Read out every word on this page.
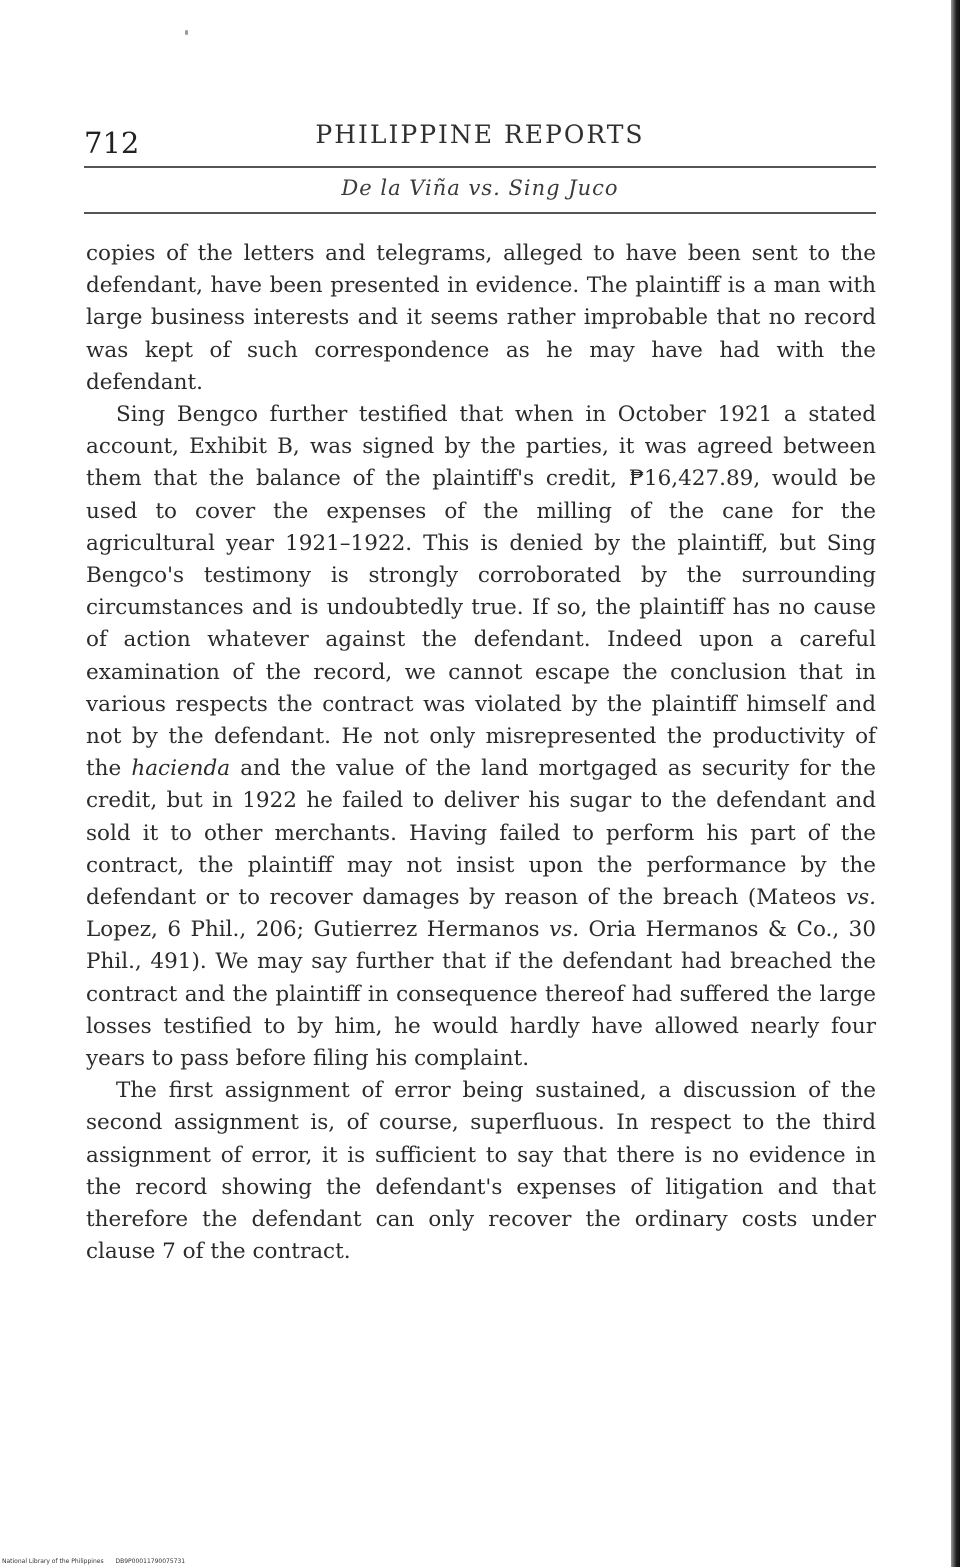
712	PHILIPPINE REPORTS
De la Viña vs. Sing Juco

copies of the letters and telegrams, alleged to have been sent to the defendant, have been presented in evidence. The plaintiff is a man with large business interests and it seems rather improbable that no record was kept of such correspondence as he may have had with the defendant.

Sing Bengco further testified that when in October 1921 a stated account, Exhibit B, was signed by the parties, it was agreed between them that the balance of the plaintiff's credit, ₱16,427.89, would be used to cover the expenses of the milling of the cane for the agricultural year 1921–1922. This is denied by the plaintiff, but Sing Bengco's testimony is strongly corroborated by the surrounding circumstances and is undoubtedly true. If so, the plaintiff has no cause of action whatever against the defendant. Indeed upon a careful examination of the record, we cannot escape the conclusion that in various respects the contract was violated by the plaintiff himself and not by the defendant. He not only misrepresented the productivity of the hacienda and the value of the land mortgaged as security for the credit, but in 1922 he failed to deliver his sugar to the defendant and sold it to other merchants. Having failed to perform his part of the contract, the plaintiff may not insist upon the performance by the defendant or to recover damages by reason of the breach (Mateos vs. Lopez, 6 Phil., 206; Gutierrez Hermanos vs. Oria Hermanos & Co., 30 Phil., 491). We may say further that if the defendant had breached the contract and the plaintiff in consequence thereof had suffered the large losses testified to by him, he would hardly have allowed nearly four years to pass before filing his complaint.

The first assignment of error being sustained, a discussion of the second assignment is, of course, superfluous. In respect to the third assignment of error, it is sufficient to say that there is no evidence in the record showing the defendant's expenses of litigation and that therefore the defendant can only recover the ordinary costs under clause 7 of the contract.

National Library of the Philippines DB9P00011790075731
